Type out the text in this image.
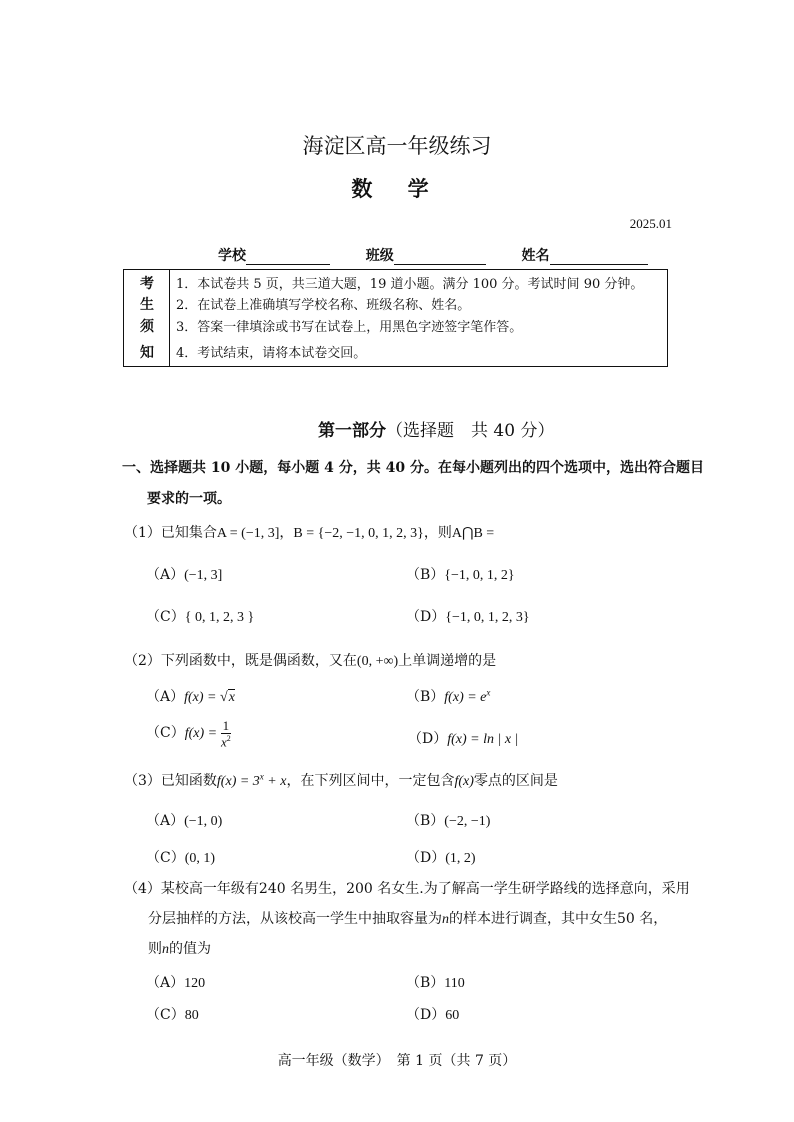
海淀区高一年级练习
数 学
2025.01
学校	班级	姓名
考
生
须
知
1．本试卷共 5 页，共三道大题，19 道小题。满分 100 分。考试时间 90 分钟。
2．在试卷上准确填写学校名称、班级名称、姓名。
3．答案一律填涂或书写在试卷上，用黑色字迹签字笔作答。
4．考试结束，请将本试卷交回。
第一部分（选择题　共 40 分）
一、选择题共 10 小题，每小题 4 分，共 40 分。在每小题列出的四个选项中，选出符合题目
要求的一项。
（1）已知集合A = (−1, 3]，B = {−2, −1, 0, 1, 2, 3}，则A⋂B =
（A）(−1, 3]	（B）{−1, 0, 1, 2}
（C）{ 0, 1, 2, 3 }	（D）{−1, 0, 1, 2, 3}
（2）下列函数中，既是偶函数，又在(0, +∞)上单调递增的是
（A）f(x) = √x	$(B)f(x) = e^x$
$(C)f(x) = \frac{1}{x^2}$	（D）f(x) = ln | x |
（3）已知函数$f(x) = 3^x + x$，在下列区间中，一定包含f(x)零点的区间是
（A）(−1, 0)	（B）(−2, −1)
（C）(0, 1)	（D）(1, 2)
（4）某校高一年级有240 名男生，200 名女生.为了解高一学生研学路线的选择意向，采用
分层抽样的方法，从该校高一学生中抽取容量为n的样本进行调查，其中女生50 名，
则n的值为
（A）120	（B）110
（C）80	（D）60
高一年级（数学）　第 1 页（共 7 页）
